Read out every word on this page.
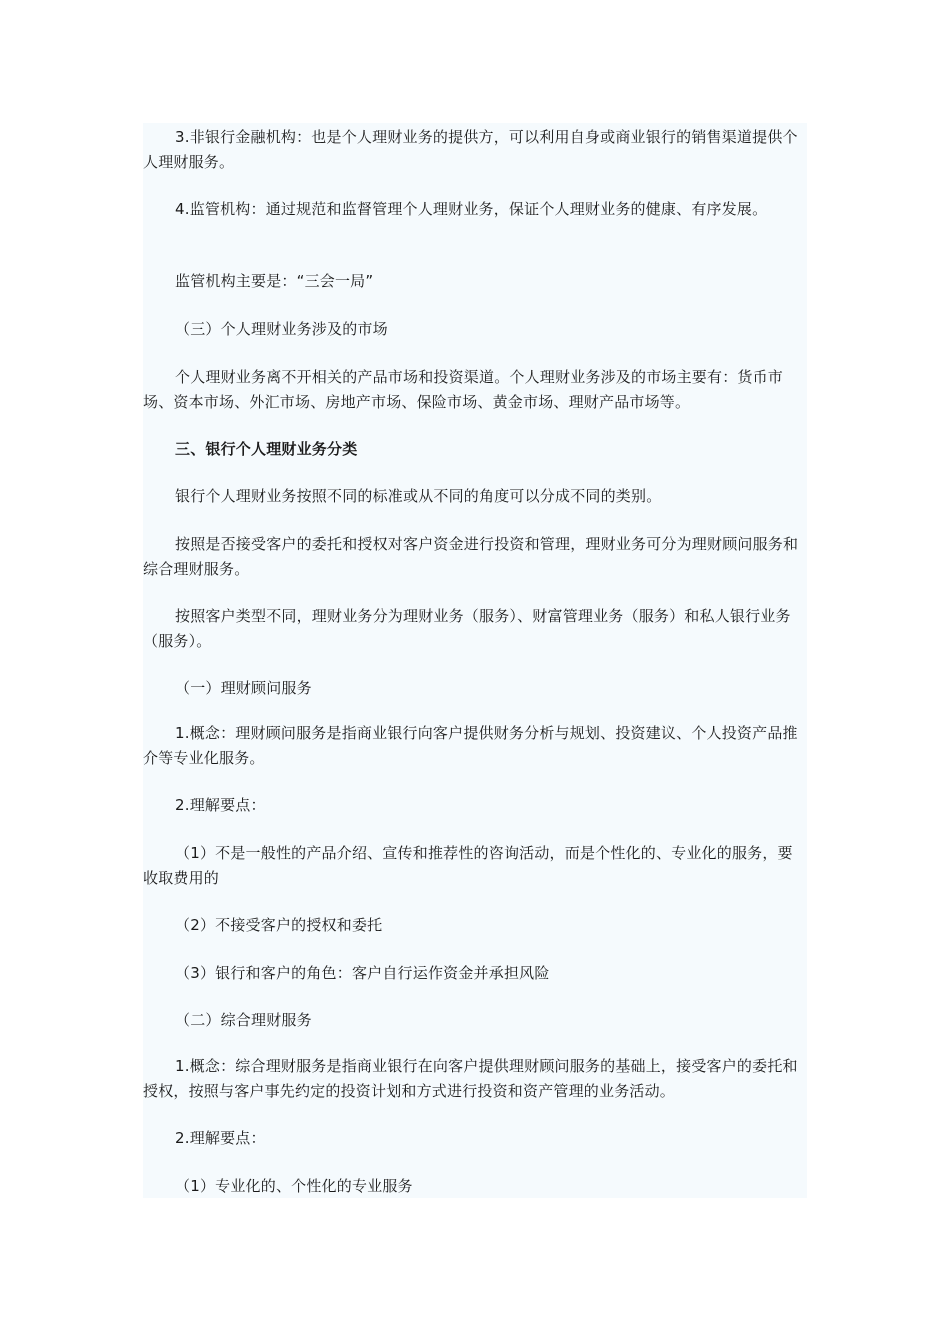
3.非银行金融机构：也是个人理财业务的提供方，可以利用自身或商业银行的销售渠道提供个人理财服务。

4.监管机构：通过规范和监督管理个人理财业务，保证个人理财业务的健康、有序发展。

监管机构主要是：“三会一局”

（三）个人理财业务涉及的市场

个人理财业务离不开相关的产品市场和投资渠道。个人理财业务涉及的市场主要有：货币市场、资本市场、外汇市场、房地产市场、保险市场、黄金市场、理财产品市场等。

三、银行个人理财业务分类

银行个人理财业务按照不同的标准或从不同的角度可以分成不同的类别。

按照是否接受客户的委托和授权对客户资金进行投资和管理，理财业务可分为理财顾问服务和综合理财服务。

按照客户类型不同，理财业务分为理财业务（服务）、财富管理业务（服务）和私人银行业务（服务）。

（一）理财顾问服务

1.概念：理财顾问服务是指商业银行向客户提供财务分析与规划、投资建议、个人投资产品推介等专业化服务。

2.理解要点：

（1）不是一般性的产品介绍、宣传和推荐性的咨询活动，而是个性化的、专业化的服务，要收取费用的

（2）不接受客户的授权和委托

（3）银行和客户的角色：客户自行运作资金并承担风险

（二）综合理财服务

1.概念：综合理财服务是指商业银行在向客户提供理财顾问服务的基础上，接受客户的委托和授权，按照与客户事先约定的投资计划和方式进行投资和资产管理的业务活动。

2.理解要点：

（1）专业化的、个性化的专业服务
